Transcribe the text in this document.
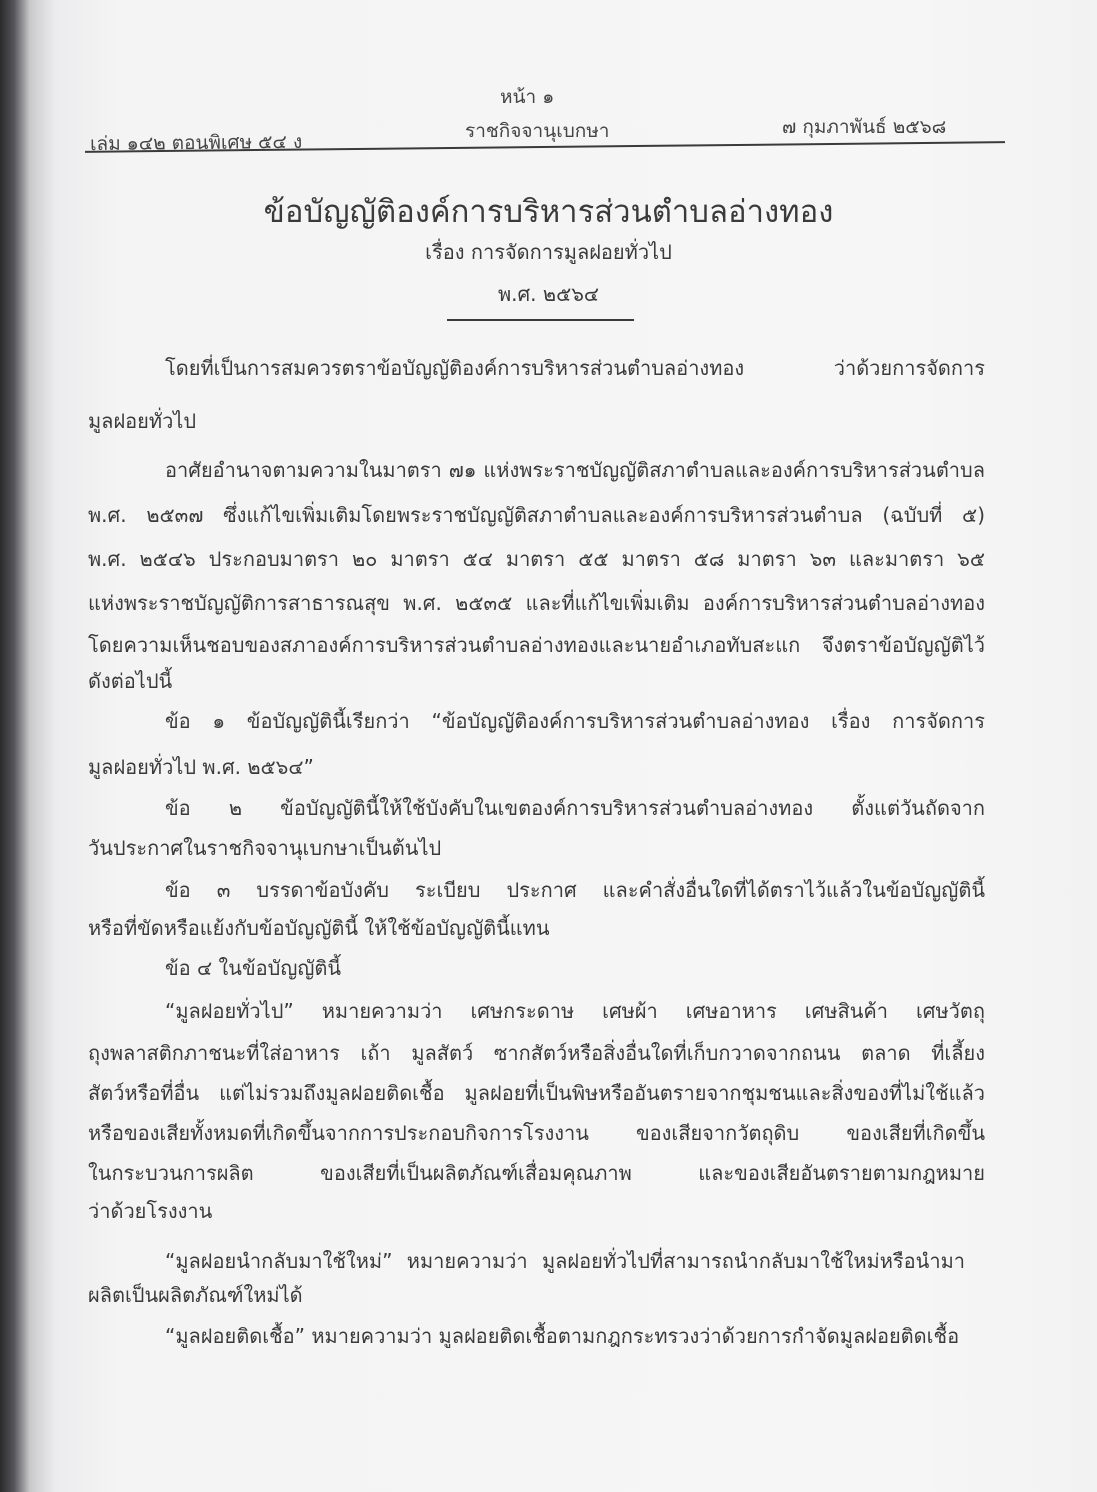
หน้า ๑
เล่ม ๑๔๒ ตอนพิเศษ ๕๔ ง	ราชกิจจานุเบกษา	๗ กุมภาพันธ์ ๒๕๖๘
ข้อบัญญัติองค์การบริหารส่วนตำบลอ่างทอง
เรื่อง การจัดการมูลฝอยทั่วไป
พ.ศ. ๒๕๖๔
โดยที่เป็นการสมควรตราข้อบัญญัติองค์การบริหารส่วนตำบลอ่างทอง ว่าด้วยการจัดการ
มูลฝอยทั่วไป
อาศัยอำนาจตามความในมาตรา ๗๑ แห่งพระราชบัญญัติสภาตำบลและองค์การบริหารส่วนตำบล
พ.ศ. ๒๕๓๗ ซึ่งแก้ไขเพิ่มเติมโดยพระราชบัญญัติสภาตำบลและองค์การบริหารส่วนตำบล (ฉบับที่ ๕)
พ.ศ. ๒๕๔๖ ประกอบมาตรา ๒๐ มาตรา ๕๔ มาตรา ๕๕ มาตรา ๕๘ มาตรา ๖๓ และมาตรา ๖๕
แห่งพระราชบัญญัติการสาธารณสุข พ.ศ. ๒๕๓๕ และที่แก้ไขเพิ่มเติม องค์การบริหารส่วนตำบลอ่างทอง
โดยความเห็นชอบของสภาองค์การบริหารส่วนตำบลอ่างทองและนายอำเภอทับสะแก จึงตราข้อบัญญัติไว้
ดังต่อไปนี้
ข้อ ๑ ข้อบัญญัตินี้เรียกว่า “ข้อบัญญัติองค์การบริหารส่วนตำบลอ่างทอง เรื่อง การจัดการ
มูลฝอยทั่วไป พ.ศ. ๒๕๖๔”
ข้อ ๒ ข้อบัญญัตินี้ให้ใช้บังคับในเขตองค์การบริหารส่วนตำบลอ่างทอง ตั้งแต่วันถัดจาก
วันประกาศในราชกิจจานุเบกษาเป็นต้นไป
ข้อ ๓ บรรดาข้อบังคับ ระเบียบ ประกาศ และคำสั่งอื่นใดที่ได้ตราไว้แล้วในข้อบัญญัตินี้
หรือที่ขัดหรือแย้งกับข้อบัญญัตินี้ ให้ใช้ข้อบัญญัตินี้แทน
ข้อ ๔ ในข้อบัญญัตินี้
“มูลฝอยทั่วไป” หมายความว่า เศษกระดาษ เศษผ้า เศษอาหาร เศษสินค้า เศษวัตถุ
ถุงพลาสติกภาชนะที่ใส่อาหาร เถ้า มูลสัตว์ ซากสัตว์หรือสิ่งอื่นใดที่เก็บกวาดจากถนน ตลาด ที่เลี้ยง
สัตว์หรือที่อื่น แต่ไม่รวมถึงมูลฝอยติดเชื้อ มูลฝอยที่เป็นพิษหรืออันตรายจากชุมชนและสิ่งของที่ไม่ใช้แล้ว
หรือของเสียทั้งหมดที่เกิดขึ้นจากการประกอบกิจการโรงงาน ของเสียจากวัตถุดิบ ของเสียที่เกิดขึ้น
ในกระบวนการผลิต ของเสียที่เป็นผลิตภัณฑ์เสื่อมคุณภาพ และของเสียอันตรายตามกฎหมาย
ว่าด้วยโรงงาน
“มูลฝอยนำกลับมาใช้ใหม่” หมายความว่า มูลฝอยทั่วไปที่สามารถนำกลับมาใช้ใหม่หรือนำมา
ผลิตเป็นผลิตภัณฑ์ใหม่ได้
“มูลฝอยติดเชื้อ” หมายความว่า มูลฝอยติดเชื้อตามกฎกระทรวงว่าด้วยการกำจัดมูลฝอยติดเชื้อ
